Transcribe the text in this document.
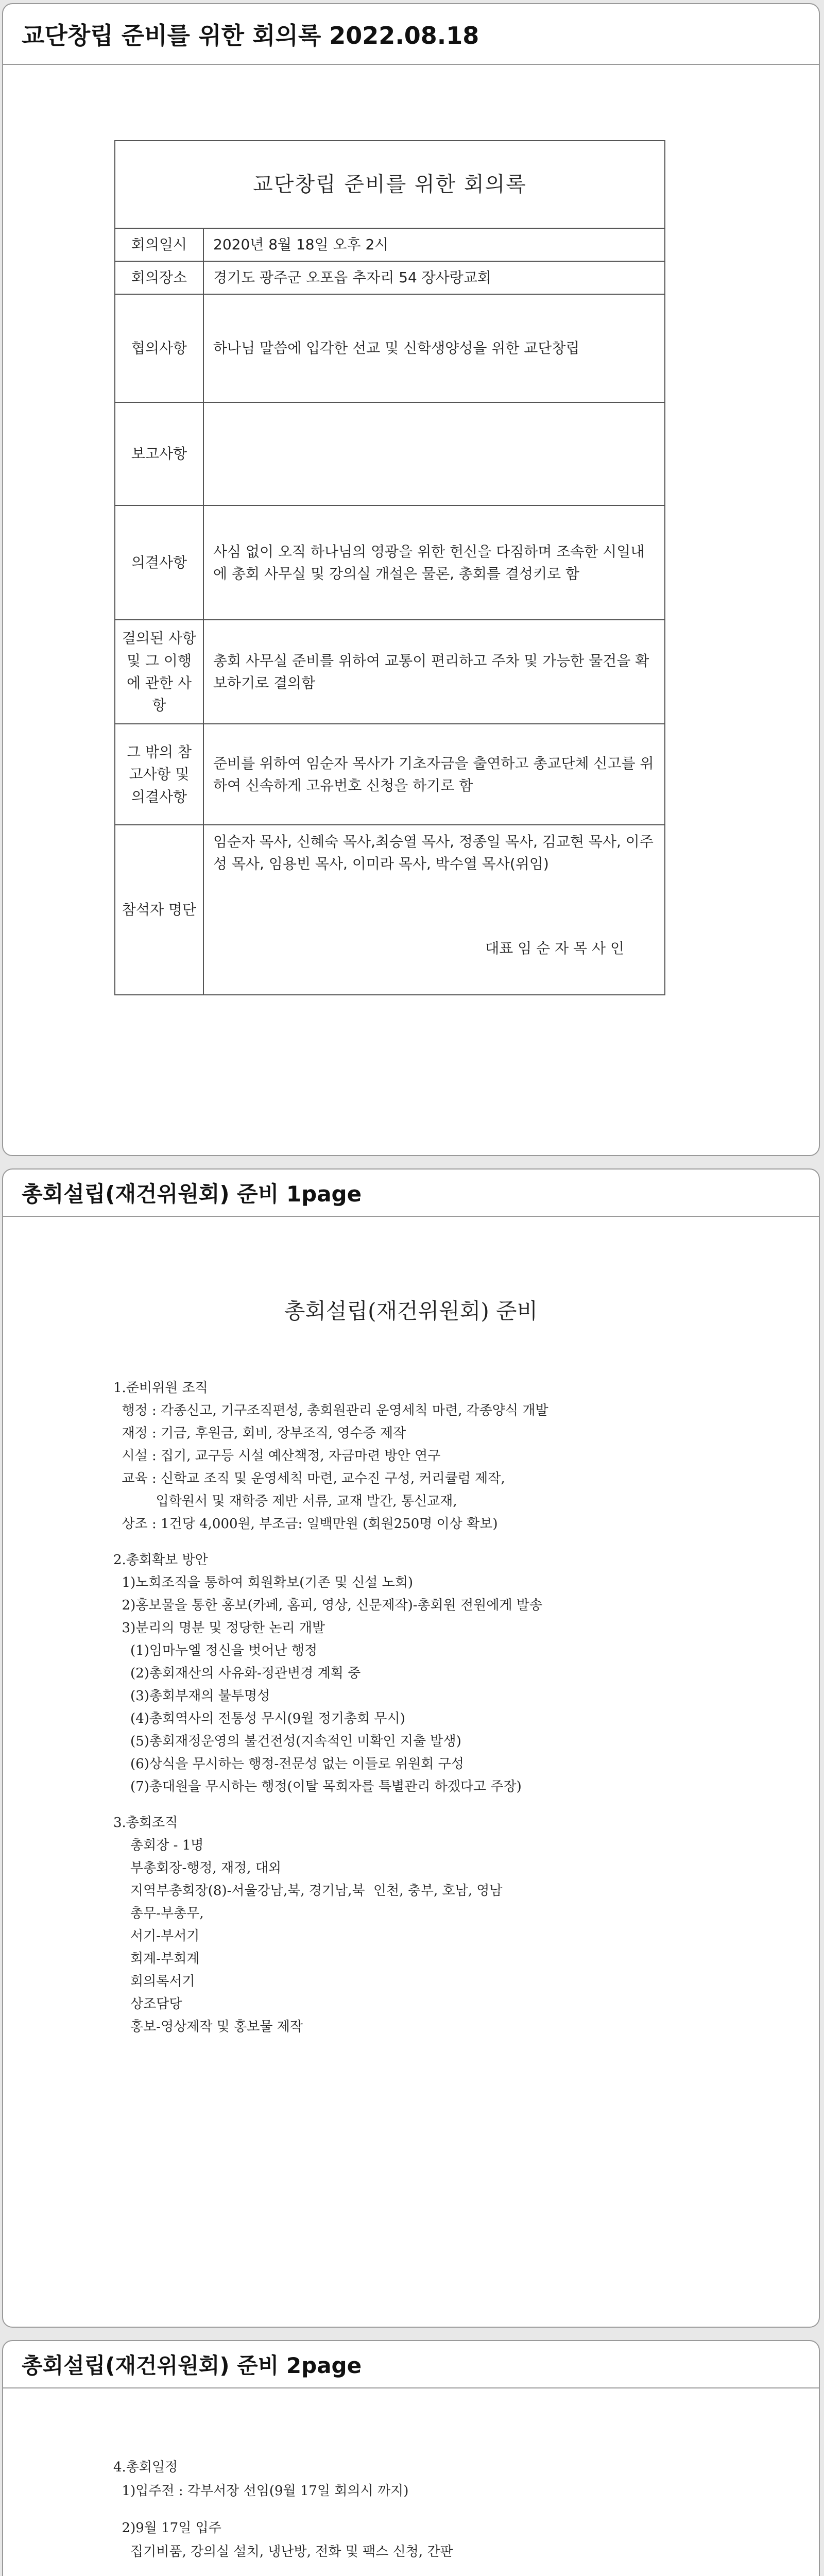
교단창립 준비를 위한 회의록 2022.08.18
교단창립 준비를 위한 회의록	
회의일시	2020년 8월 18일 오후 2시
회의장소	경기도 광주군 오포읍 추자리 54 장사랑교회
협의사항	하나님 말씀에 입각한 선교 및 신학생양성을 위한 교단창립
보고사항	
의결사항	사심 없이 오직 하나님의 영광을 위한 헌신을 다짐하며 조속한 시일내에 총회 사무실 및 강의실 개설은 물론, 총회를 결성키로 함
결의된 사항 및 그 이행에 관한 사항	총회 사무실 준비를 위하여 교통이 편리하고 주차 및 가능한 물건을 확보하기로 결의함
그 밖의 참고사항 및 의결사항	준비를 위하여 임순자 목사가 기초자금을 출연하고 총교단체 신고를 위하여 신속하게 고유번호 신청을 하기로 함
참석자 명단	임순자 목사, 신혜숙 목사,최승열 목사, 정종일 목사, 김교현 목사, 이주성 목사, 임용빈 목사, 이미라 목사, 박수열 목사(위임)
대표 임 순 자 목 사 인
총회설립(재건위원회) 준비 1page
총회설립(재건위원회) 준비
1.준비위원 조직
행정 : 각종신고, 기구조직편성, 총회원관리 운영세칙 마련, 각종양식 개발
재정 : 기금, 후원금, 회비, 장부조직, 영수증 제작
시설 : 집기, 교구등 시설 예산책정, 자금마련 방안 연구
교육 : 신학교 조직 및 운영세칙 마련, 교수진 구성, 커리큘럼 제작,
입학원서 및 재학증 제반 서류, 교재 발간, 통신교재,
상조 : 1건당 4,000원, 부조금: 일백만원 (회원250명 이상 확보)
2.총회확보 방안
1)노회조직을 통하여 회원확보(기존 및 신설 노회)
2)홍보물을 통한 홍보(카페, 홈피, 영상, 신문제작)-총회원 전원에게 발송
3)분리의 명분 및 정당한 논리 개발
(1)임마누엘 정신을 벗어난 행정
(2)총회재산의 사유화-정관변경 계획 중
(3)총회부재의 불투명성
(4)총회역사의 전통성 무시(9월 정기총회 무시)
(5)총회재정운영의 불건전성(지속적인 미확인 지출 발생)
(6)상식을 무시하는 행정-전문성 없는 이들로 위원회 구성
(7)총대원을 무시하는 행정(이탈 목회자를 특별관리 하겠다고 주장)
3.총회조직
총회장 - 1명
부총회장-행정, 재정, 대외
지역부총회장(8)-서울강남,북, 경기남,북  인천, 충부, 호남, 영남
총무-부총무,
서기-부서기
회계-부회계
회의록서기
상조담당
홍보-영상제작 및 홍보물 제작
총회설립(재건위원회) 준비 2page
4.총회일정
1)입주전 : 각부서장 선임(9월 17일 회의시 까지)
2)9월 17일 입주
집기비품, 강의실 설치, 냉난방, 전화 및 팩스 신청, 간판
